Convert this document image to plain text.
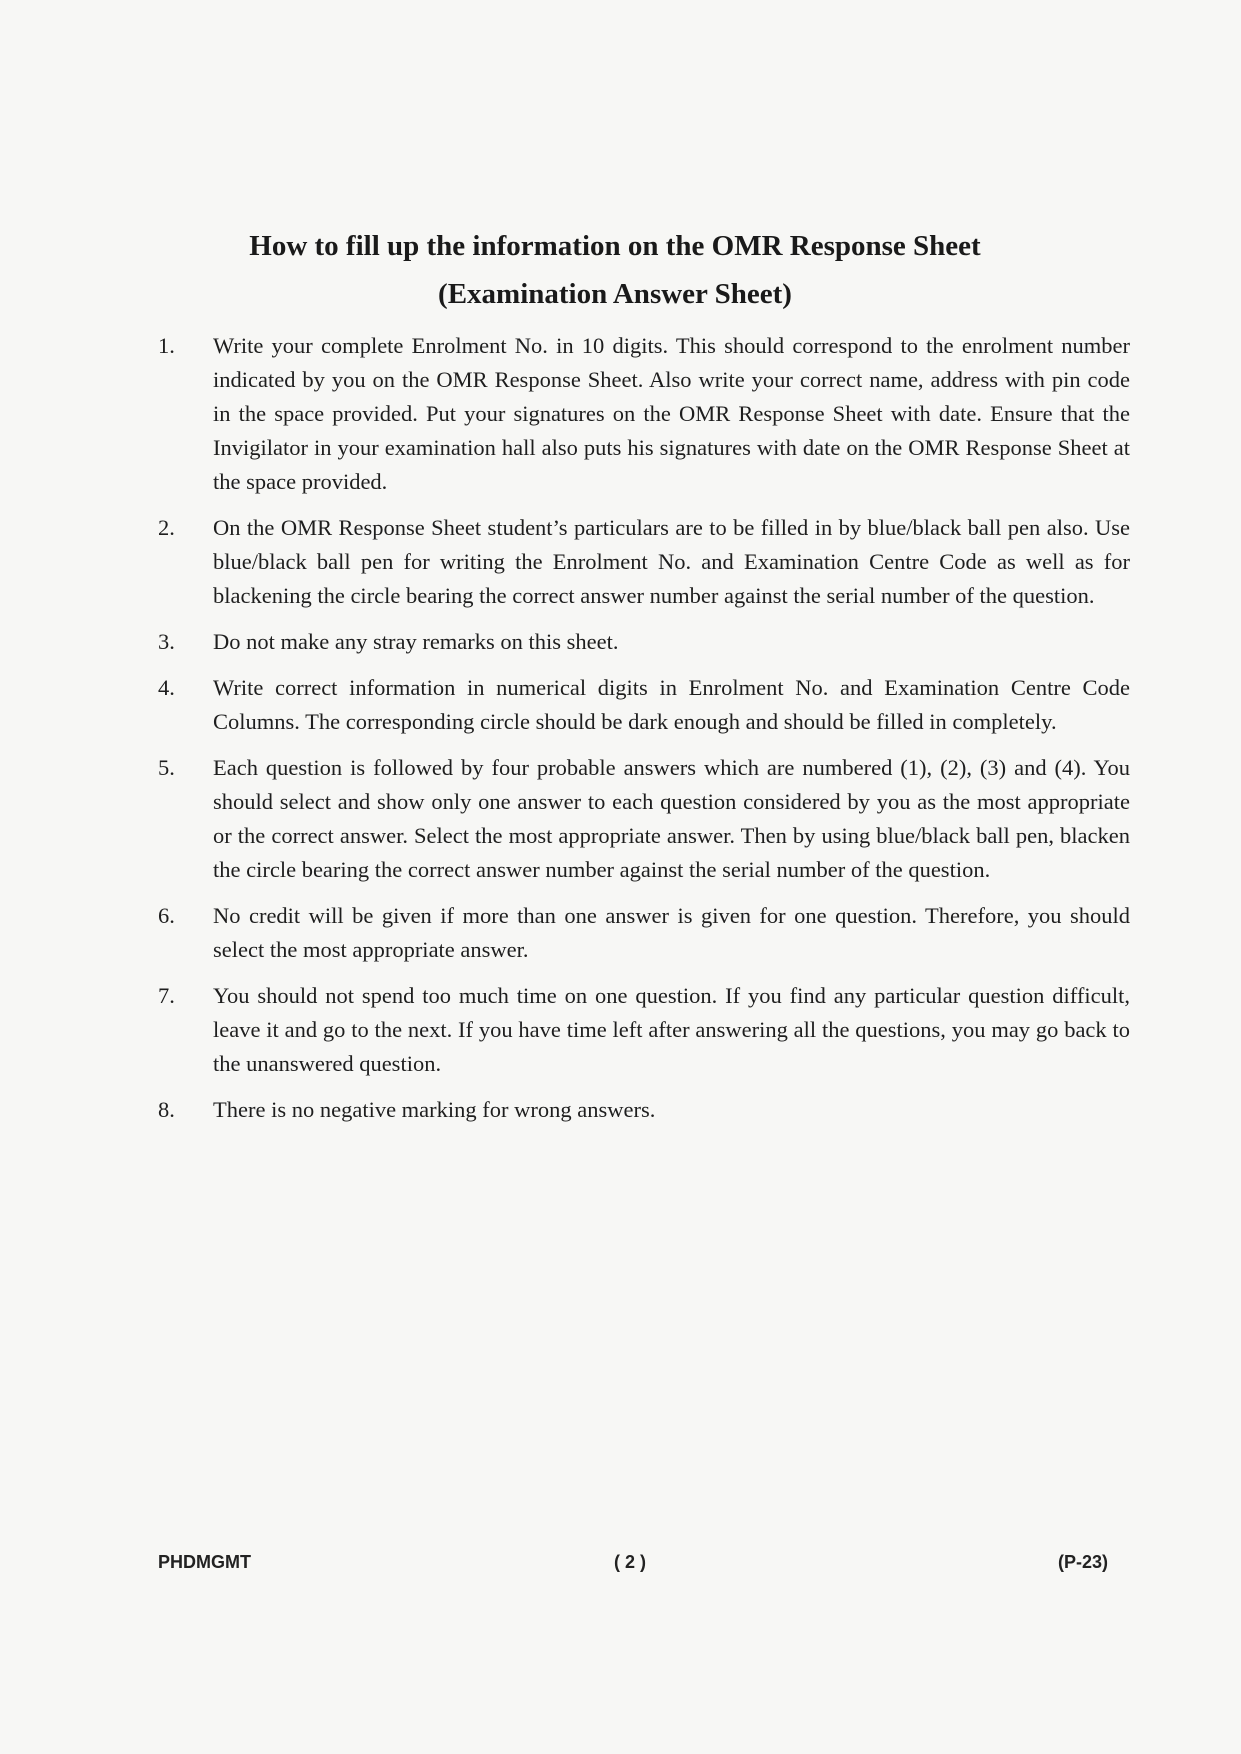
How to fill up the information on the OMR Response Sheet
(Examination Answer Sheet)
1.	Write your complete Enrolment No. in 10 digits. This should correspond to the enrolment number indicated by you on the OMR Response Sheet. Also write your correct name, address with pin code in the space provided. Put your signatures on the OMR Response Sheet with date. Ensure that the Invigilator in your examination hall also puts his signatures with date on the OMR Response Sheet at the space provided.
2.	On the OMR Response Sheet student’s particulars are to be filled in by blue/black ball pen also. Use blue/black ball pen for writing the Enrolment No. and Examination Centre Code as well as for blackening the circle bearing the correct answer number against the serial number of the question.
3.	Do not make any stray remarks on this sheet.
4.	Write correct information in numerical digits in Enrolment No. and Examination Centre Code Columns. The corresponding circle should be dark enough and should be filled in completely.
5.	Each question is followed by four probable answers which are numbered (1), (2), (3) and (4). You should select and show only one answer to each question considered by you as the most appropriate or the correct answer. Select the most appropriate answer. Then by using blue/black ball pen, blacken the circle bearing the correct answer number against the serial number of the question.
6.	No credit will be given if more than one answer is given for one question. Therefore, you should select the most appropriate answer.
7.	You should not spend too much time on one question. If you find any particular question difficult, leave it and go to the next. If you have time left after answering all the questions, you may go back to the unanswered question.
8.	There is no negative marking for wrong answers.
PHDMGMT	( 2 )	(P-23)
